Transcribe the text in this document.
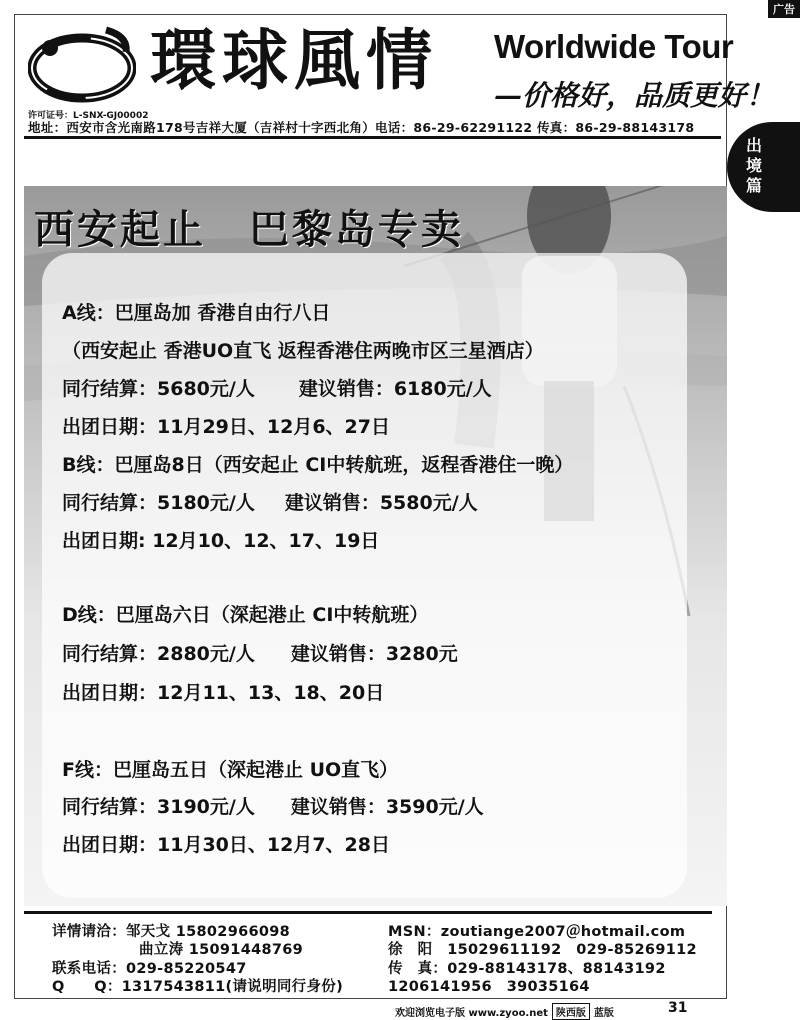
广告
環球風情 Worldwide Tour
—价格好，品质更好！
许可证号：L-SNX-GJ00002
地址：西安市含光南路178号吉祥大厦（吉祥村十字西北角）电话：86-29-62291122 传真：86-29-88143178
出境篇
西安起止　巴黎岛专卖
A线：巴厘岛加 香港自由行八日
（西安起止 香港UO直飞 返程香港住两晚市区三星酒店）
同行结算：5680元/人 建议销售：6180元/人
出团日期：11月29日、12月6、27日
B线：巴厘岛8日（西安起止 CI中转航班，返程香港住一晚）
同行结算：5180元/人 建议销售：5580元/人
出团日期: 12月10、12、17、19日
D线：巴厘岛六日（深起港止 CI中转航班）
同行结算：2880元/人 建议销售：3280元
出团日期：12月11、13、18、20日
F线：巴厘岛五日（深起港止 UO直飞）
同行结算：3190元/人 建议销售：3590元/人
出团日期：11月30日、12月7、28日
详情请洽：邹天戈 15802966098
曲立涛 15091448769
联系电话：029-85220547
Q　　Q：1317543811(请说明同行身份)
MSN：zoutiange2007＠hotmail.com
徐　阳　15029611192　029-85269112
传　真：029-88143178、88143192
1206141956　39035164
欢迎浏览电子版 www.zyoo.net 陕西版 蓝版	31
